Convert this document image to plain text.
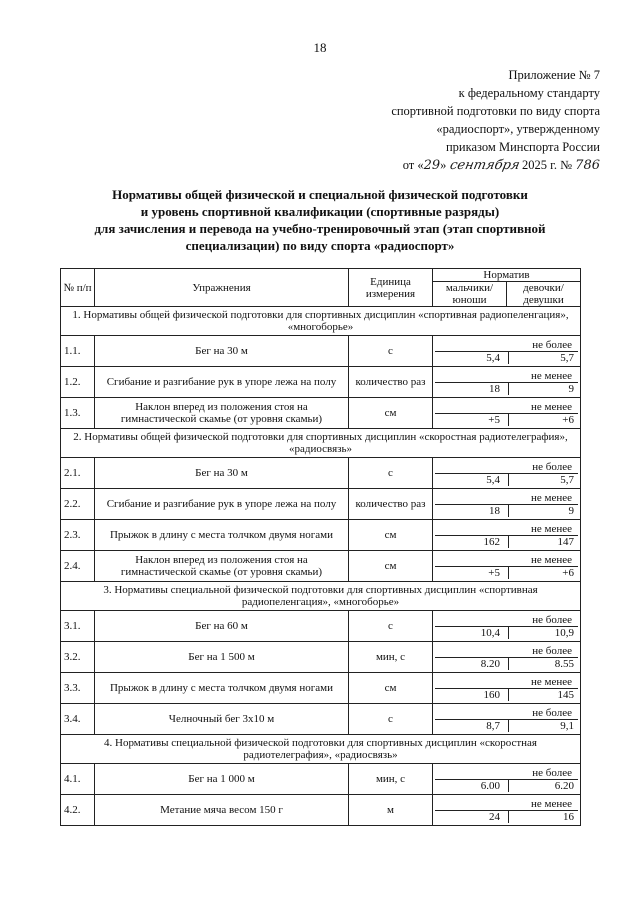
18
Приложение № 7
к федеральному стандарту
спортивной подготовки по виду спорта
«радиоспорт», утвержденному
приказом Минспорта России
от «29» сентября 2025 г. № 786
Нормативы общей физической и специальной физической подготовки
и уровень спортивной квалификации (спортивные разряды)
для зачисления и перевода на учебно-тренировочный этап (этап спортивной
специализации) по виду спорта «радиоспорт»
№ п/п	Упражнения	Единица измерения	Норматив	
			мальчики/ юноши	девочки/ девушки
1. Нормативы общей физической подготовки для спортивных дисциплин «спортивная радиопеленгация», «многоборье»				
1.1.	Бег на 30 м	с	не более
5,4 5,7	

1.2.	Сгибание и разгибание рук в упоре лежа на полу	количество раз	не менее
18 9	

1.3.	Наклон вперед из положения стоя на гимнастической скамье (от уровня скамьи)	см	не менее
+5 +6	

2. Нормативы общей физической подготовки для спортивных дисциплин «скоростная радиотелеграфия», «радиосвязь»				
2.1.	Бег на 30 м	с	не более
5,4 5,7	

2.2.	Сгибание и разгибание рук в упоре лежа на полу	количество раз	не менее
18 9	

2.3.	Прыжок в длину с места толчком двумя ногами	см	не менее
162 147	

2.4.	Наклон вперед из положения стоя на гимнастической скамье (от уровня скамьи)	см	не менее
+5 +6	

3. Нормативы специальной физической подготовки для спортивных дисциплин «спортивная радиопеленгация», «многоборье»				
3.1.	Бег на 60 м	с	не более
10,4 10,9	

3.2.	Бег на 1 500 м	мин, с	не более
8.20 8.55	

3.3.	Прыжок в длину с места толчком двумя ногами	см	не менее
160 145	

3.4.	Челночный бег 3х10 м	с	не более
8,7 9,1	

4. Нормативы специальной физической подготовки для спортивных дисциплин «скоростная радиотелеграфия», «радиосвязь»				
4.1.	Бег на 1 000 м	мин, с	не более
6.00 6.20	

4.2.	Метание мяча весом 150 г	м	не менее
24 16	
